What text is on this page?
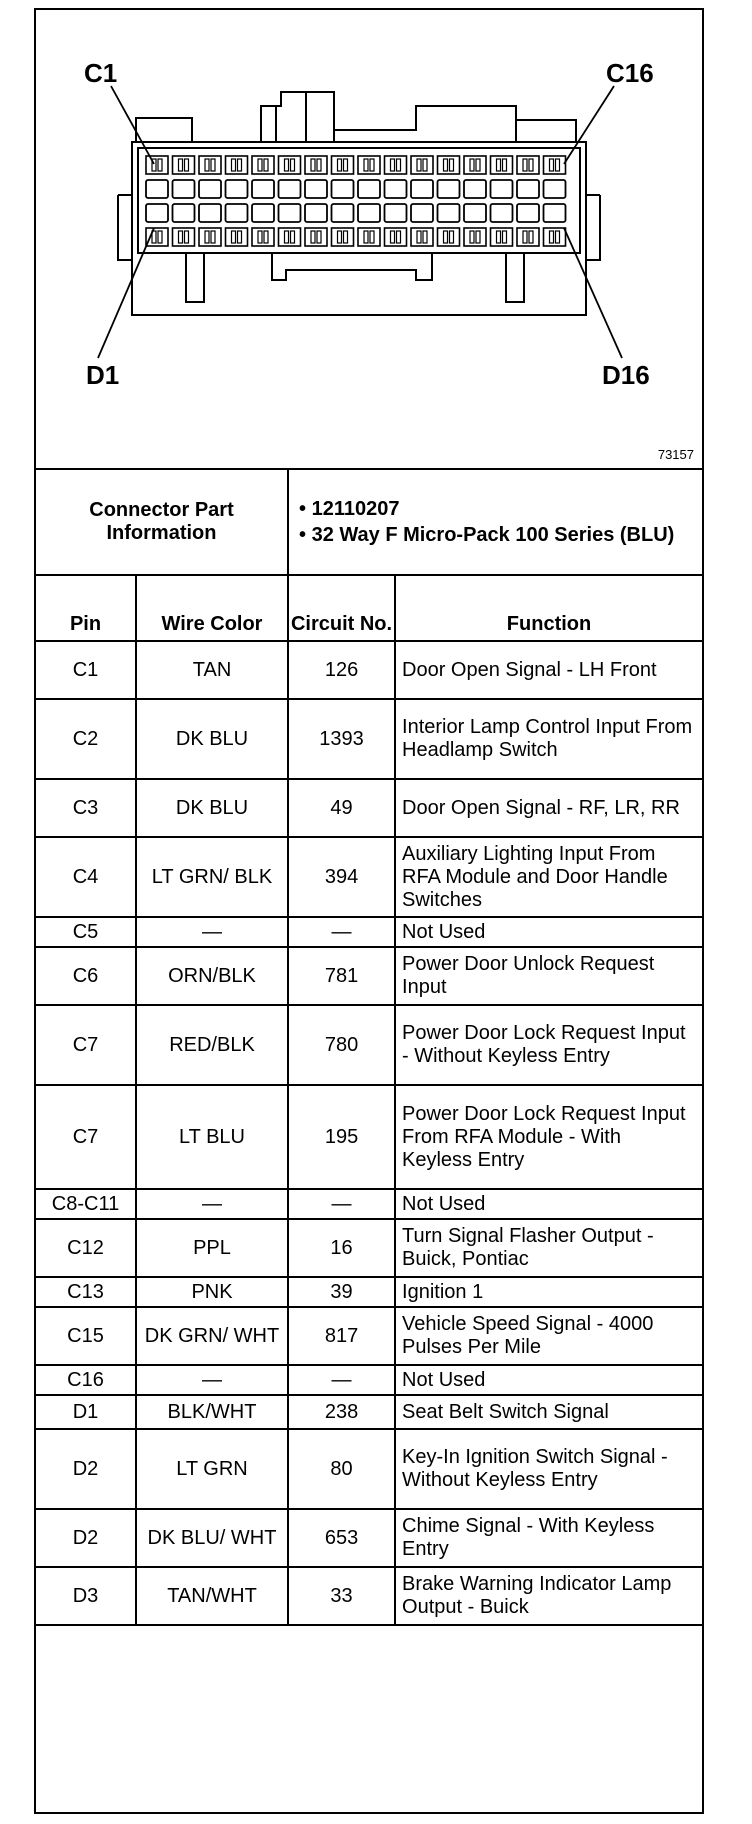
C1	C16
D1	D16
73157
Connector Part Information		• 12110207
• 32 Way F Micro-Pack 100 Series (BLU)	

Pin	Wire Color	Circuit No.	Function
C1	TAN	126	Door Open Signal - LH Front
C2	DK BLU	1393	Interior Lamp Control Input From Headlamp Switch
C3	DK BLU	49	Door Open Signal - RF, LR, RR
C4	LT GRN/ BLK	394	Auxiliary Lighting Input From RFA Module and Door Handle Switches
C5	—	—	Not Used
C6	ORN/BLK	781	Power Door Unlock Request Input
C7	RED/BLK	780	Power Door Lock Request Input - Without Keyless Entry
C7	LT BLU	195	Power Door Lock Request Input From RFA Module - With Keyless Entry
C8-C11	—	—	Not Used
C12	PPL	16	Turn Signal Flasher Output - Buick, Pontiac
C13	PNK	39	Ignition 1
C15	DK GRN/ WHT	817	Vehicle Speed Signal - 4000 Pulses Per Mile
C16	—	—	Not Used
D1	BLK/WHT	238	Seat Belt Switch Signal
D2	LT GRN	80	Key-In Ignition Switch Signal - Without Keyless Entry
D2	DK BLU/ WHT	653	Chime Signal - With Keyless Entry
D3	TAN/WHT	33	Brake Warning Indicator Lamp Output - Buick
